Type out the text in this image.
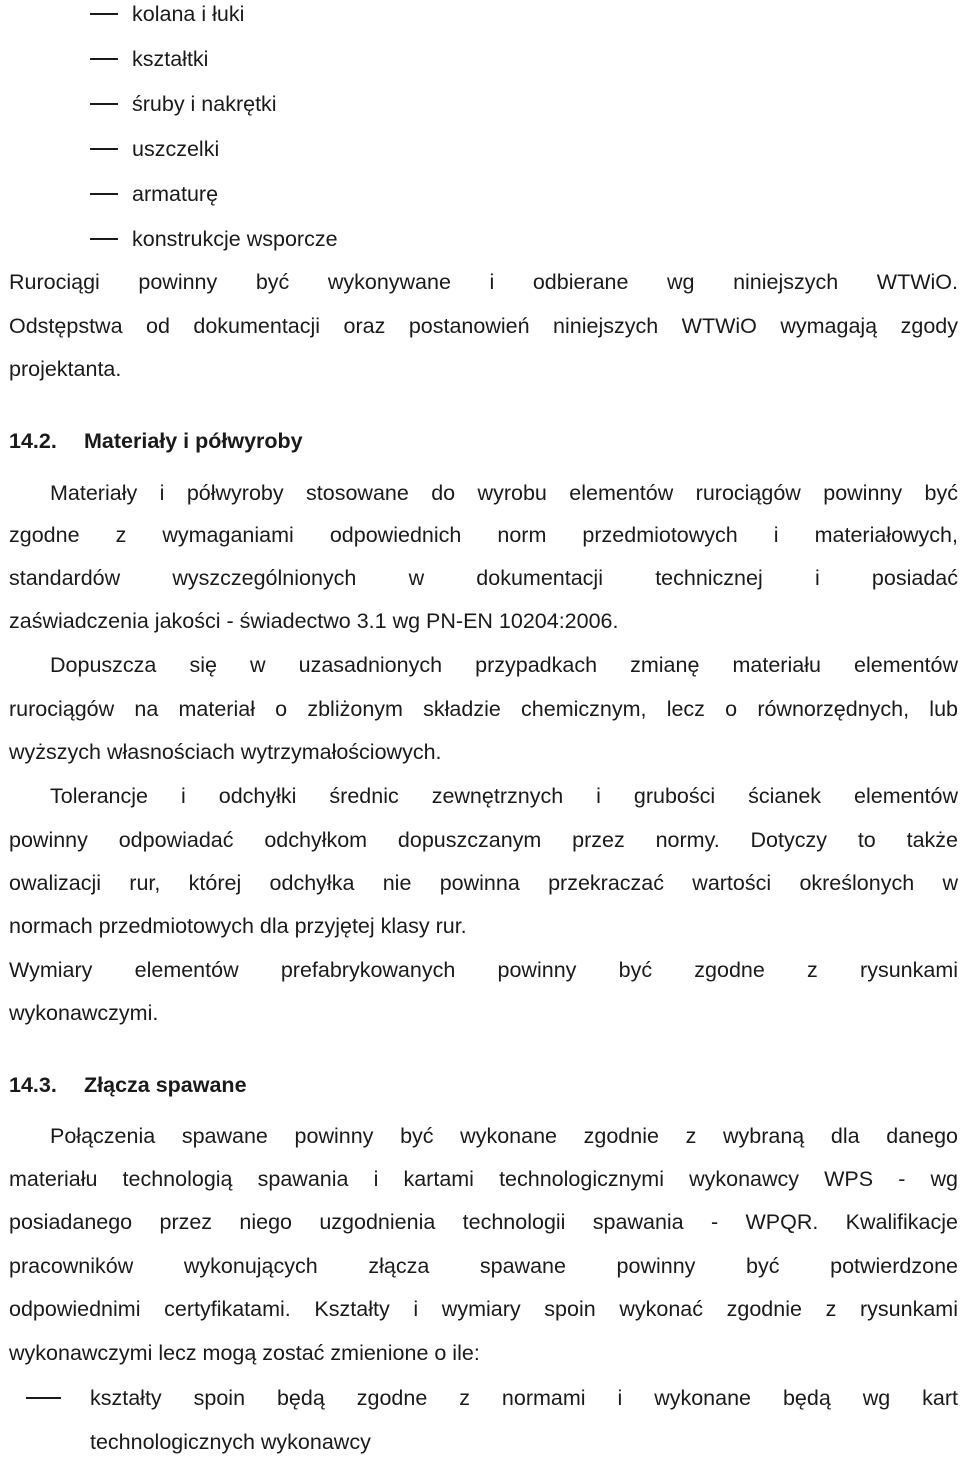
kolana i łuki
kształtki
śruby i nakrętki
uszczelki
armaturę
konstrukcje wsporcze
Rurociągi powinny być wykonywane i odbierane wg niniejszych WTWiO.
Odstępstwa od dokumentacji oraz postanowień niniejszych WTWiO wymagają zgody
projektanta.
14.2. Materiały i półwyroby
Materiały i półwyroby stosowane do wyrobu elementów rurociągów powinny być
zgodne z wymaganiami odpowiednich norm przedmiotowych i materiałowych,
standardów wyszczególnionych w dokumentacji technicznej i posiadać
zaświadczenia jakości - świadectwo 3.1 wg PN-EN 10204:2006.
Dopuszcza się w uzasadnionych przypadkach zmianę materiału elementów
rurociągów na materiał o zbliżonym składzie chemicznym, lecz o równorzędnych, lub
wyższych własnościach wytrzymałościowych.
Tolerancje i odchyłki średnic zewnętrznych i grubości ścianek elementów
powinny odpowiadać odchyłkom dopuszczanym przez normy. Dotyczy to także
owalizacji rur, której odchyłka nie powinna przekraczać wartości określonych w
normach przedmiotowych dla przyjętej klasy rur.
Wymiary elementów prefabrykowanych powinny być zgodne z rysunkami
wykonawczymi.
14.3. Złącza spawane
Połączenia spawane powinny być wykonane zgodnie z wybraną dla danego
materiału technologią spawania i kartami technologicznymi wykonawcy WPS - wg
posiadanego przez niego uzgodnienia technologii spawania - WPQR. Kwalifikacje
pracowników wykonujących złącza spawane powinny być potwierdzone
odpowiednimi certyfikatami. Kształty i wymiary spoin wykonać zgodnie z rysunkami
wykonawczymi lecz mogą zostać zmienione o ile:
kształty spoin będą zgodne z normami i wykonane będą wg kart
technologicznych wykonawcy
